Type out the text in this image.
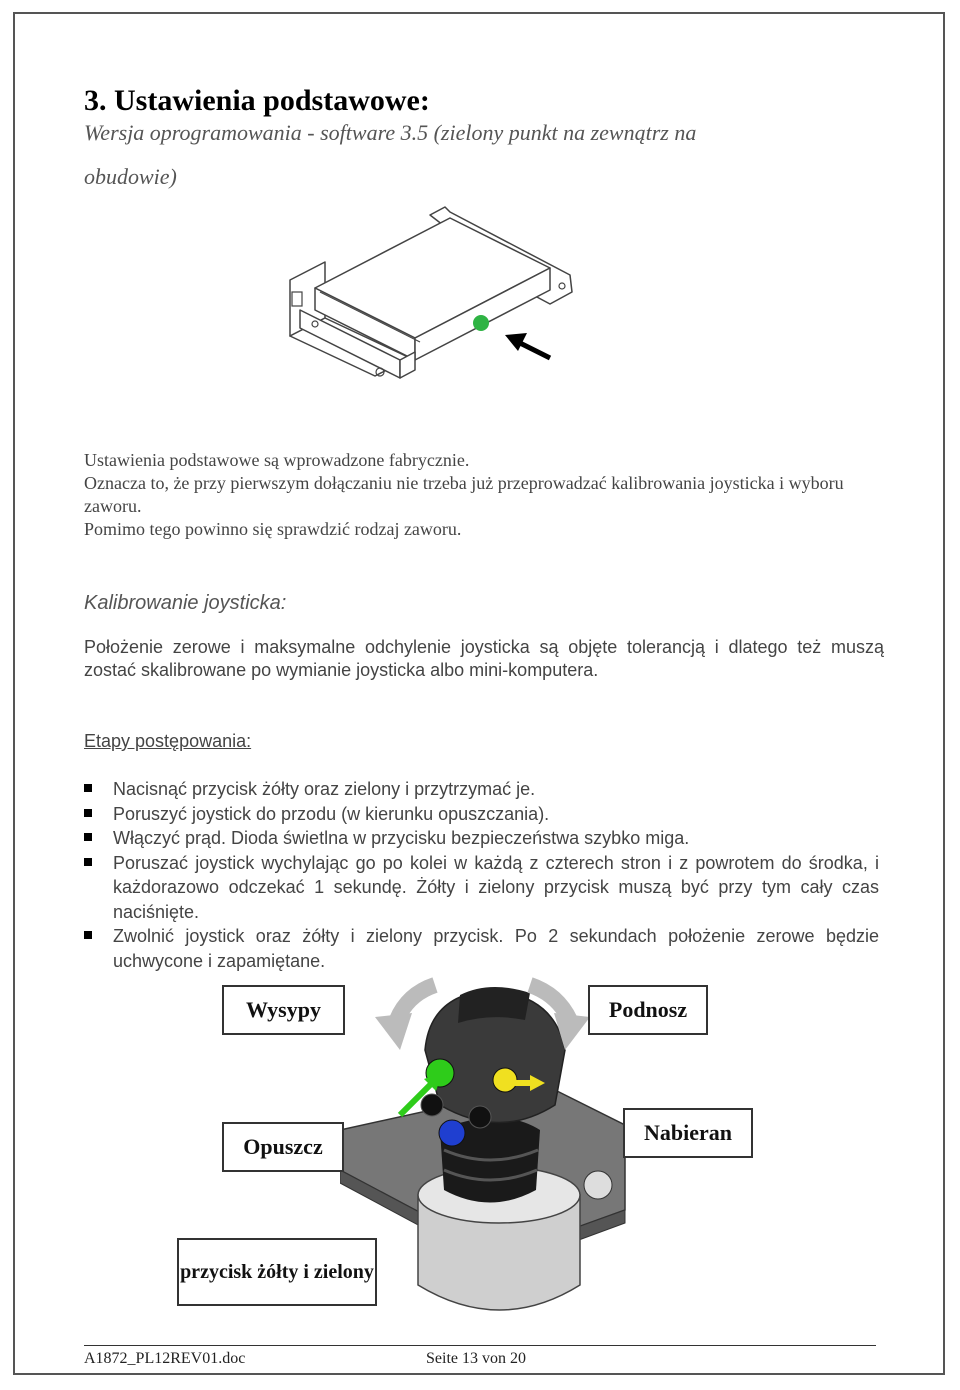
3. Ustawienia podstawowe:
Wersja oprogramowania - software 3.5 (zielony punkt na zewnątrz na
obudowie)
Ustawienia podstawowe są wprowadzone fabrycznie.
Oznacza to, że przy pierwszym dołączaniu nie trzeba już przeprowadzać kalibrowania joysticka i wyboru zaworu.
Pomimo tego powinno się sprawdzić rodzaj zaworu.
Kalibrowanie joysticka:
Położenie zerowe i maksymalne odchylenie joysticka są objęte tolerancją i dlatego też muszą zostać skalibrowane po wymianie joysticka albo mini-komputera.
Etapy postępowania:
Nacisnąć przycisk żółty oraz zielony i przytrzymać je.
Poruszyć joystick do przodu (w kierunku opuszczania).
Włączyć prąd. Dioda świetlna w przycisku bezpieczeństwa szybko miga.
Poruszać joystick wychylając go po kolei w każdą z czterech stron i z powrotem do środka, i każdorazowo odczekać 1 sekundę. Żółty i zielony przycisk muszą być przy tym cały czas naciśnięte.
Zwolnić joystick oraz żółty i zielony przycisk. Po 2 sekundach położenie zerowe będzie uchwycone i zapamiętane.
Wysypy	Podnosz
Opuszcz
Nabieran
przycisk żółty i zielony
A1872_PL12REV01.doc	Seite 13 von 20
